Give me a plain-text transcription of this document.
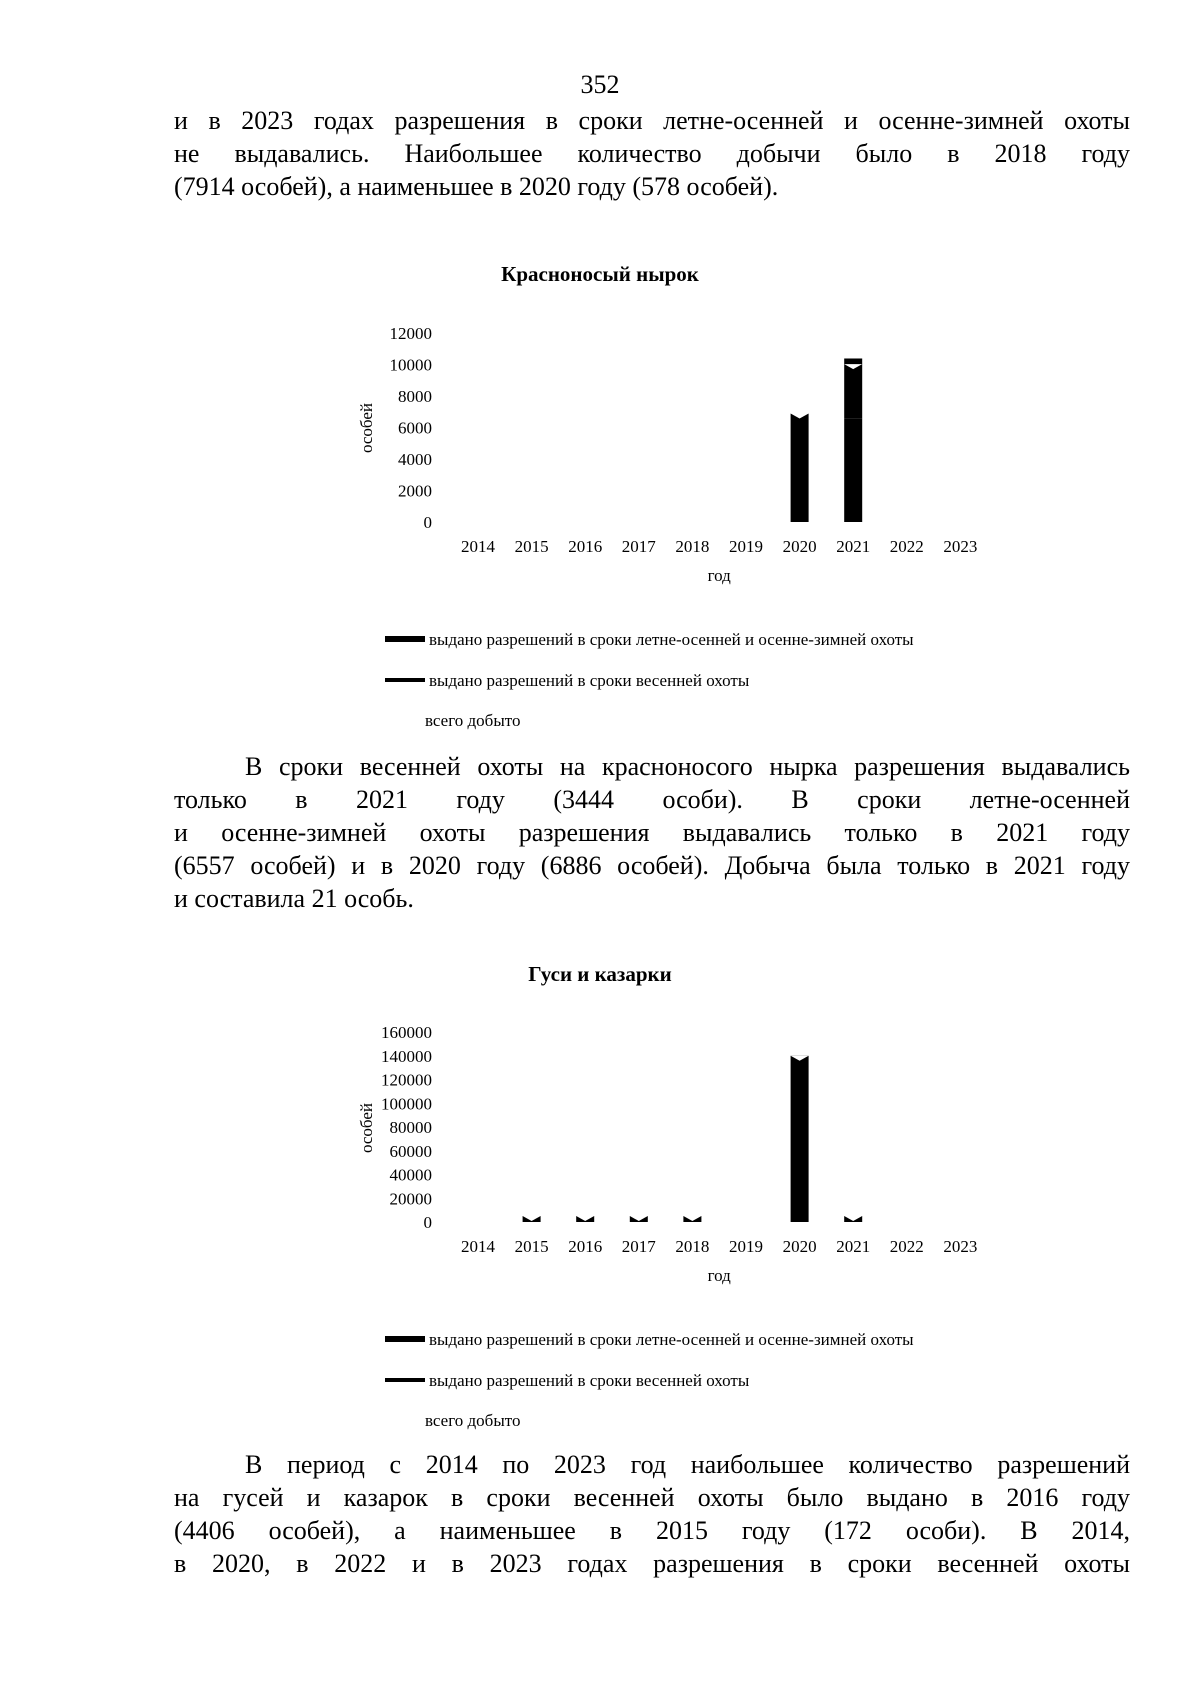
352
и в 2023 годах разрешения в сроки летне-осенней и осенне-зимней охоты
не выдавались. Наибольшее количество добычи было в 2018 году
(7914 особей), а наименьшее в 2020 году (578 особей).
Красноносый нырок
0
2000
4000
6000
8000
10000
12000
особей
2014 2015 2016 2017 2018 2019 2020 2021 2022 2023
год
выдано разрешений в сроки летне-осенней и осенне-зимней охоты
выдано разрешений в сроки весенней охоты
всего добыто
В сроки весенней охоты на красноносого нырка разрешения выдавались
только в 2021 году (3444 особи). В сроки летне-осенней
и осенне-зимней охоты разрешения выдавались только в 2021 году
(6557 особей) и в 2020 году (6886 особей). Добыча была только в 2021 году
и составила 21 особь.
Гуси и казарки
0
20000
40000
60000
80000
100000
120000
140000
160000
особей
2014 2015 2016 2017 2018 2019 2020 2021 2022 2023
год
выдано разрешений в сроки летне-осенней и осенне-зимней охоты
выдано разрешений в сроки весенней охоты
всего добыто
В период с 2014 по 2023 год наибольшее количество разрешений
на гусей и казарок в сроки весенней охоты было выдано в 2016 году
(4406 особей), а наименьшее в 2015 году (172 особи). В 2014,
в 2020, в 2022 и в 2023 годах разрешения в сроки весенней охоты
